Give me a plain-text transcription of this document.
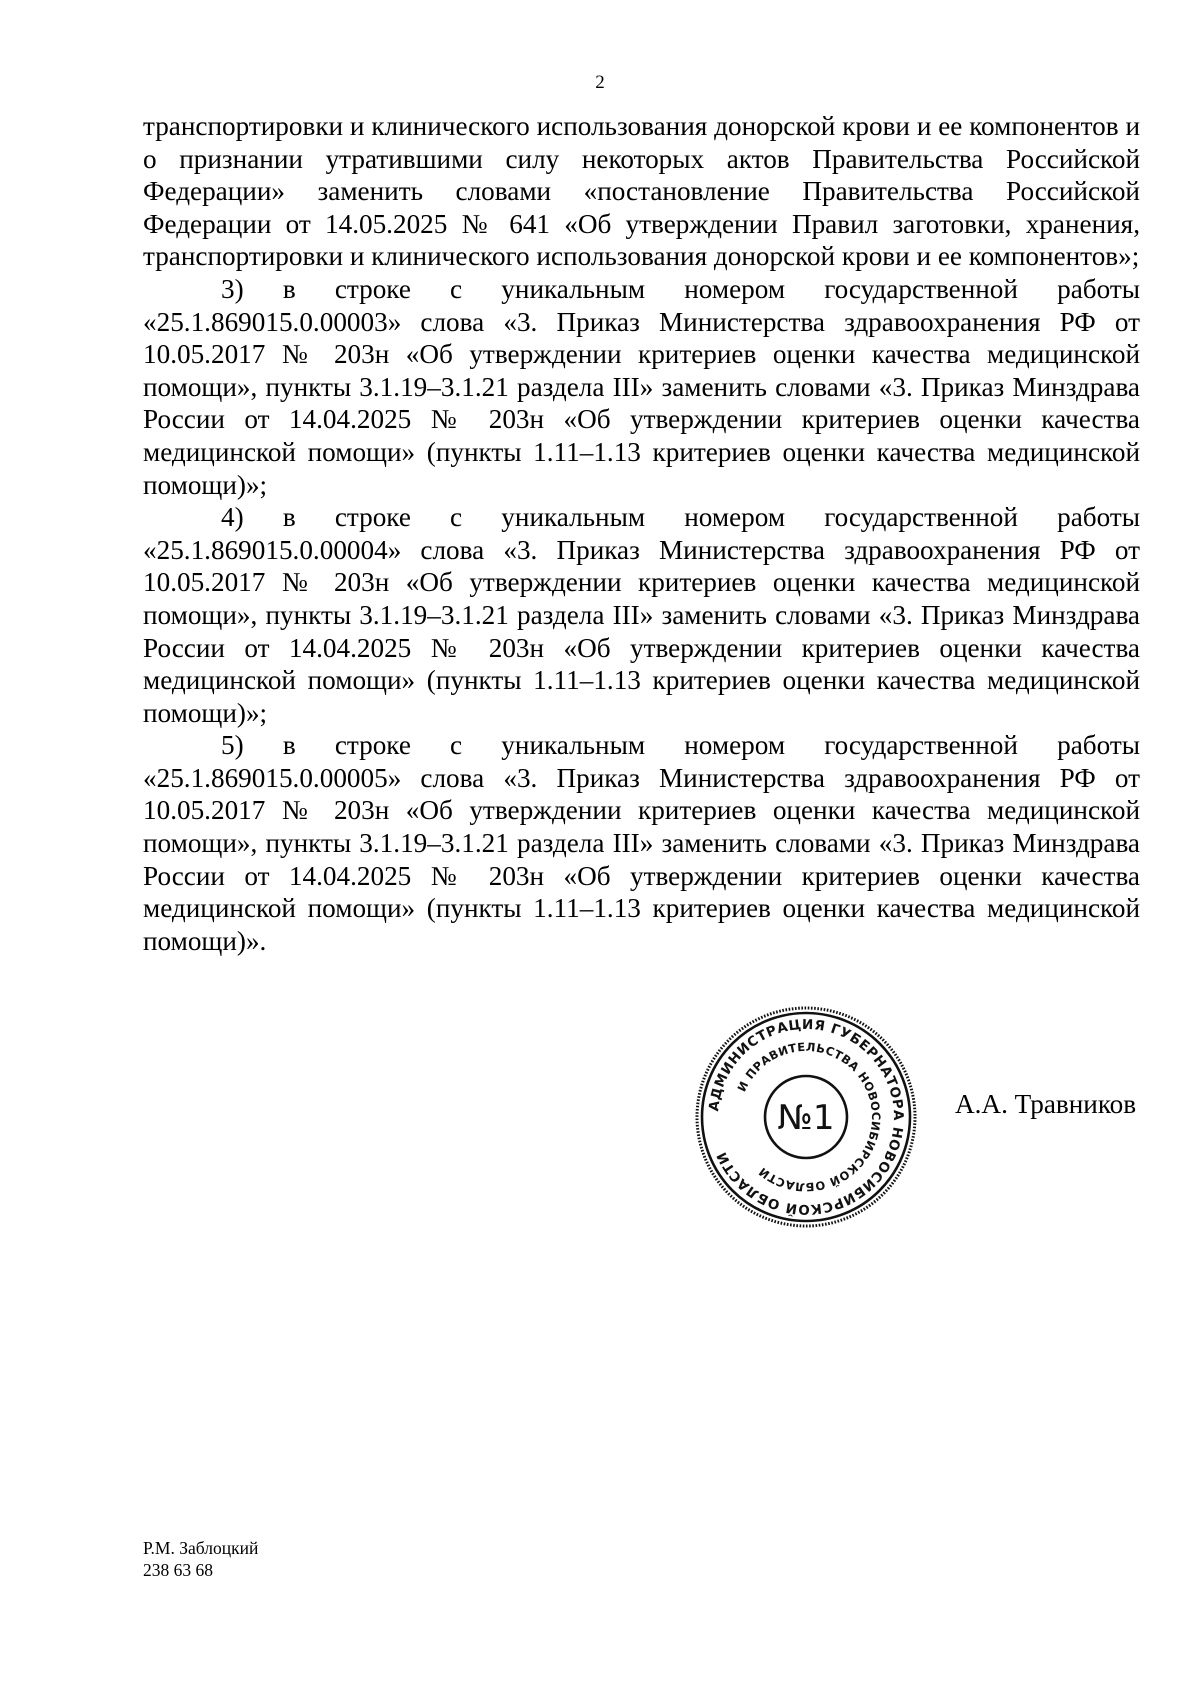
2

транспортировки и клинического использования донорской крови и ее компонентов и о признании утратившими силу некоторых актов Правительства Российской Федерации» заменить словами «постановление Правительства Российской Федерации от 14.05.2025 № 641 «Об утверждении Правил заготовки, хранения, транспортировки и клинического использования донорской крови и ее компонентов»;

3) в строке с уникальным номером государственной работы «25.1.869015.0.00003» слова «3. Приказ Министерства здравоохранения РФ от 10.05.2017 № 203н «Об утверждении критериев оценки качества медицинской помощи», пункты 3.1.19–3.1.21 раздела III» заменить словами «3. Приказ Минздрава России от 14.04.2025 № 203н «Об утверждении критериев оценки качества медицинской помощи» (пункты 1.11–1.13 критериев оценки качества медицинской помощи)»;

4) в строке с уникальным номером государственной работы «25.1.869015.0.00004» слова «3. Приказ Министерства здравоохранения РФ от 10.05.2017 № 203н «Об утверждении критериев оценки качества медицинской помощи», пункты 3.1.19–3.1.21 раздела III» заменить словами «3. Приказ Минздрава России от 14.04.2025 № 203н «Об утверждении критериев оценки качества медицинской помощи» (пункты 1.11–1.13 критериев оценки качества медицинской помощи)»;

5) в строке с уникальным номером государственной работы «25.1.869015.0.00005» слова «3. Приказ Министерства здравоохранения РФ от 10.05.2017 № 203н «Об утверждении критериев оценки качества медицинской помощи», пункты 3.1.19–3.1.21 раздела III» заменить словами «3. Приказ Минздрава России от 14.04.2025 № 203н «Об утверждении критериев оценки качества медицинской помощи» (пункты 1.11–1.13 критериев оценки качества медицинской помощи)».

АДМИНИСТРАЦИЯ ГУБЕРНАТОРА НОВОСИБИРСКОЙ ОБЛАСТИ
И ПРАВИТЕЛЬСТВА НОВОСИБИРСКОЙ ОБЛАСТИ
№1	А.А. Травников
Р.М. Заблоцкий
238 63 68
